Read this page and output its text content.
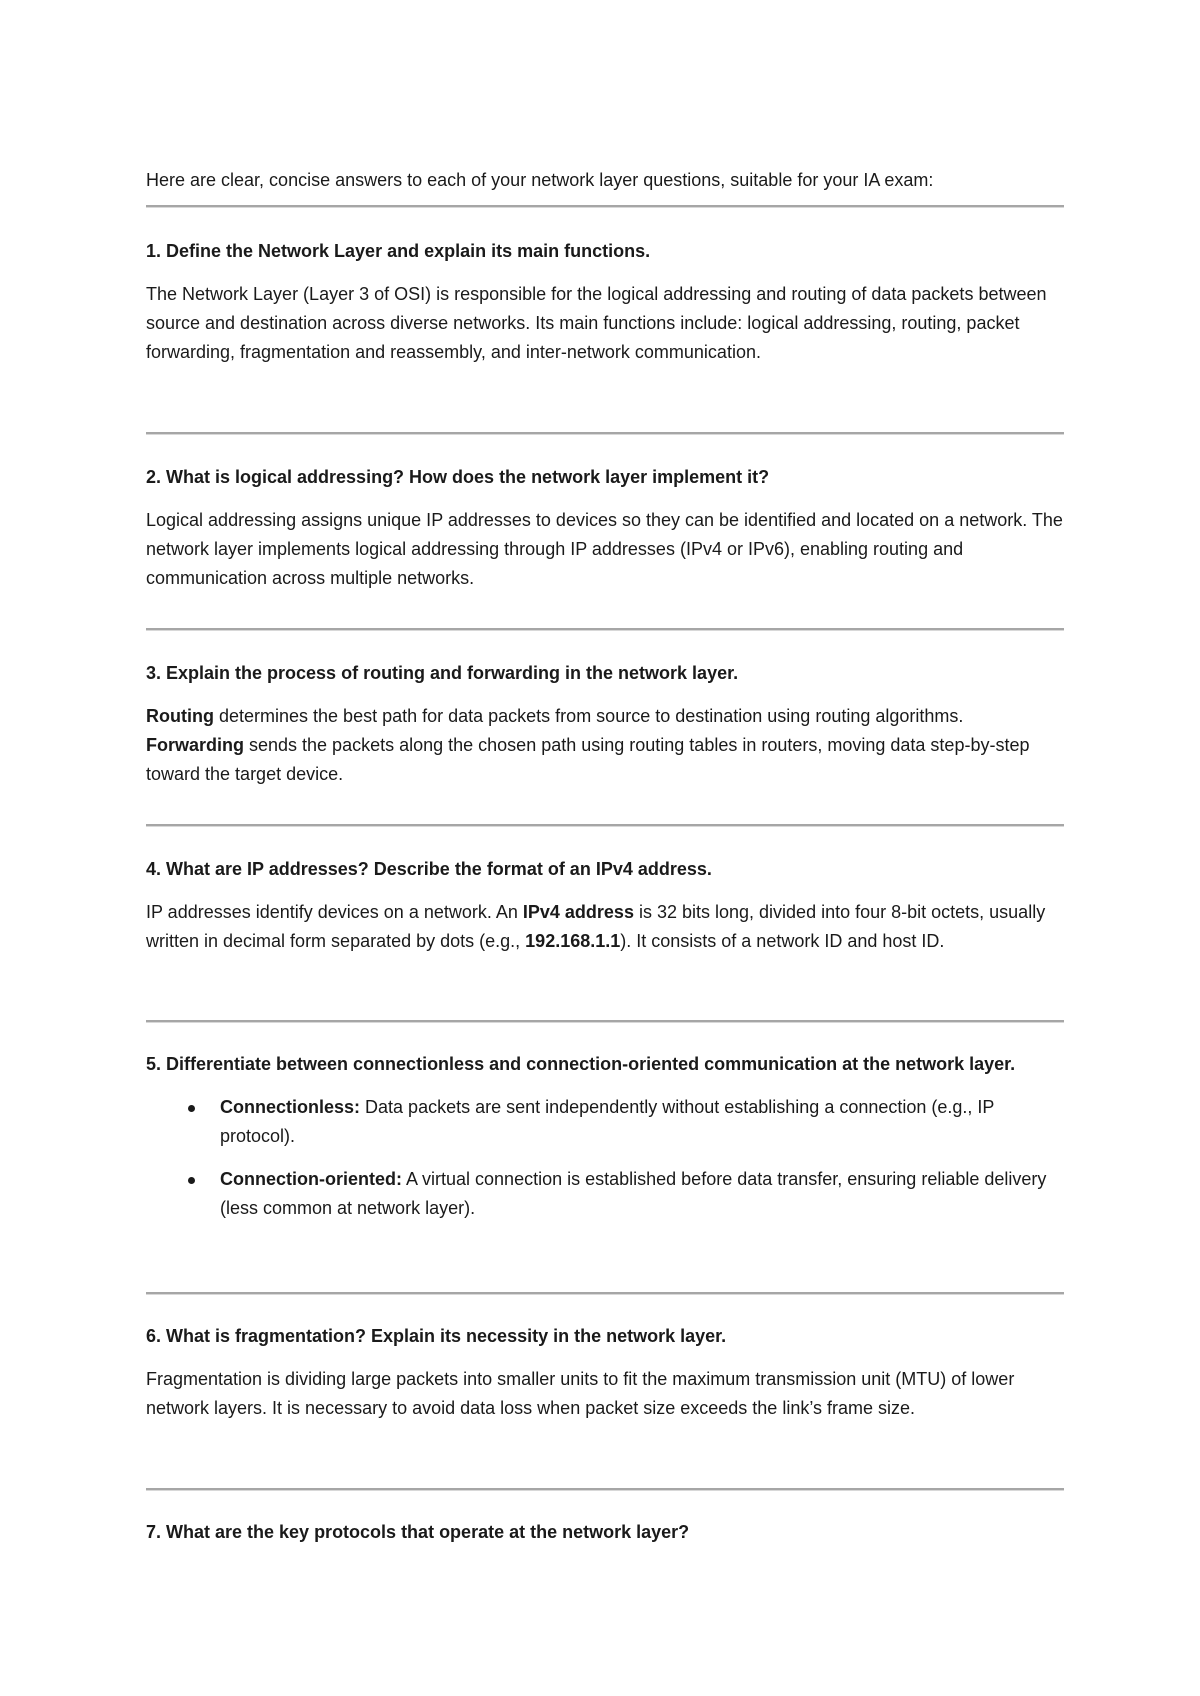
Here are clear, concise answers to each of your network layer questions, suitable for your IA exam:

1. Define the Network Layer and explain its main functions.

The Network Layer (Layer 3 of OSI) is responsible for the logical addressing and routing of data packets between source and destination across diverse networks. Its main functions include: logical addressing, routing, packet forwarding, fragmentation and reassembly, and inter-network communication.

2. What is logical addressing? How does the network layer implement it?

Logical addressing assigns unique IP addresses to devices so they can be identified and located on a network. The network layer implements logical addressing through IP addresses (IPv4 or IPv6), enabling routing and communication across multiple networks.

3. Explain the process of routing and forwarding in the network layer.

Routing determines the best path for data packets from source to destination using routing algorithms. Forwarding sends the packets along the chosen path using routing tables in routers, moving data step-by-step toward the target device.

4. What are IP addresses? Describe the format of an IPv4 address.

IP addresses identify devices on a network. An IPv4 address is 32 bits long, divided into four 8-bit octets, usually written in decimal form separated by dots (e.g., 192.168.1.1). It consists of a network ID and host ID.

5. Differentiate between connectionless and connection-oriented communication at the network layer.

Connectionless: Data packets are sent independently without establishing a connection (e.g., IP protocol).
Connection-oriented: A virtual connection is established before data transfer, ensuring reliable delivery (less common at network layer).

6. What is fragmentation? Explain its necessity in the network layer.

Fragmentation is dividing large packets into smaller units to fit the maximum transmission unit (MTU) of lower network layers. It is necessary to avoid data loss when packet size exceeds the link’s frame size.

7. What are the key protocols that operate at the network layer?
